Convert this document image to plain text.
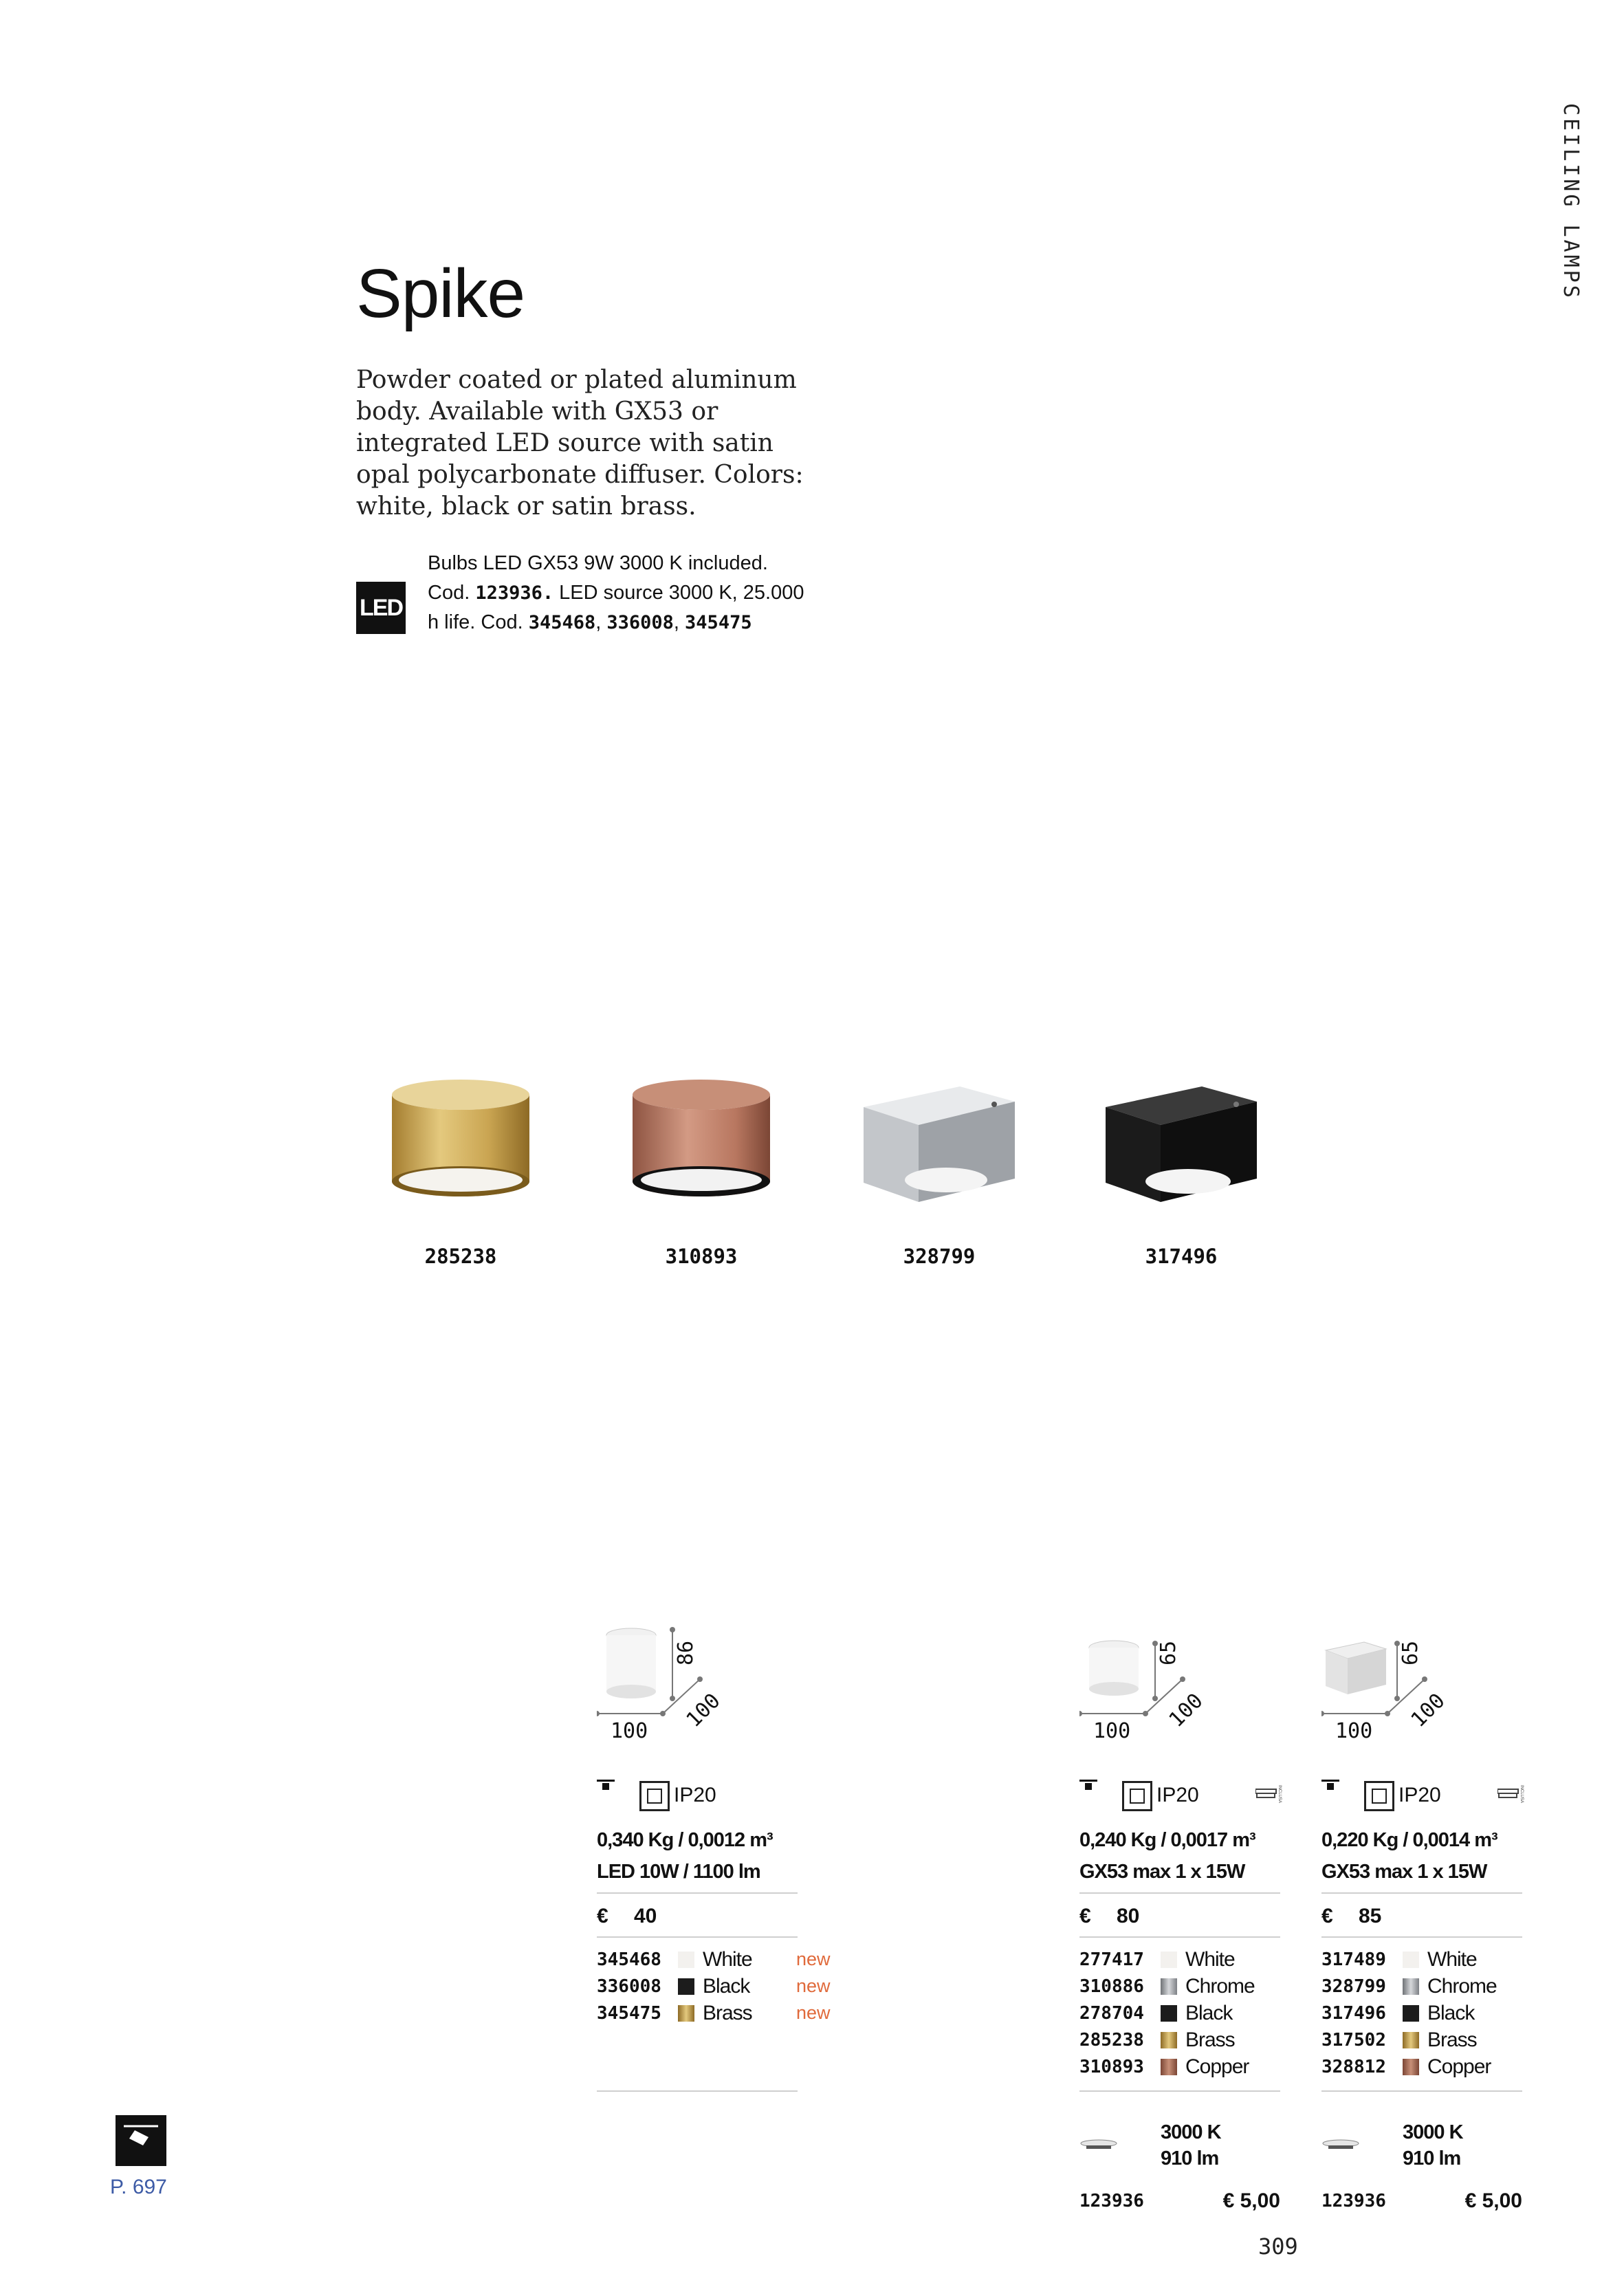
CEILING LAMPS
Spike
Powder coated or plated aluminum body. Available with GX53 or integrated LED source with satin opal polycarbonate diffuser. Colors: white, black or satin brass.
LED
Bulbs LED GX53 9W 3000 K included. Cod. 123936. LED source 3000 K, 25.000 h life. Cod. 345468, 336008, 345475
285238	310893	328799	317496
100
86
100
IP20
0,340 Kg / 0,0012 m³
LED 10W / 1100 lm
€ 40
345468	White new
336008	Black	new
345475	Brass new
100
65
100
IP20	INCLUSA
0,240 Kg / 0,0017 m³
GX53 max 1 x 15W
€ 80
277417	White
310886	Chrome
278704	Black
285238	Brass
310893	Copper
3000 K
910 lm
123936	€ 5,00
100
65
100
IP20	INCLUSA
0,220 Kg / 0,0014 m³
GX53 max 1 x 15W
€ 85
317489	White
328799	Chrome
317496	Black
317502	Brass
328812	Copper
3000 K
910 lm
123936	€ 5,00
P. 697
309
